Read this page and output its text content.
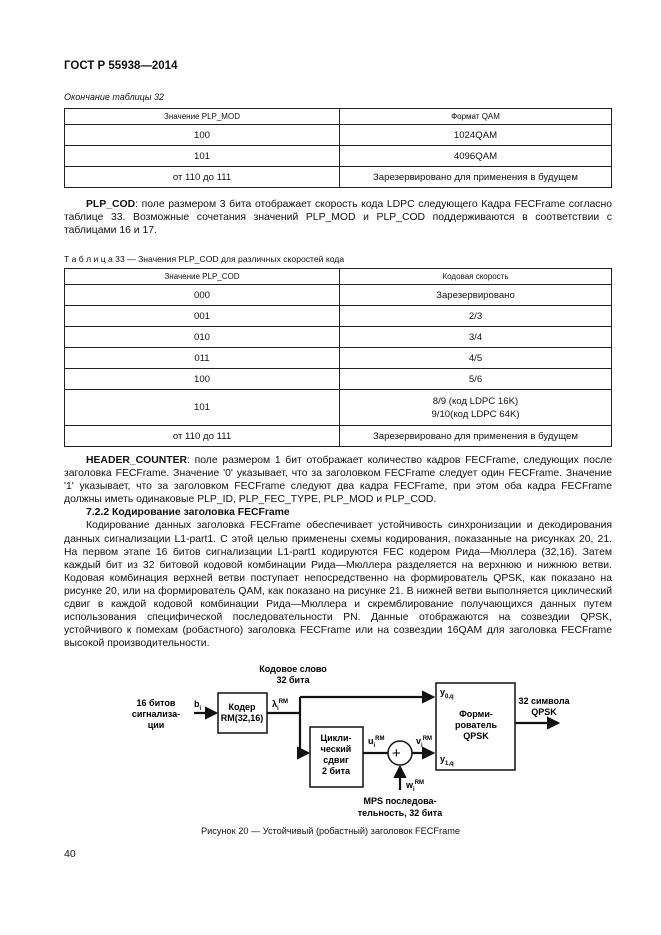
ГОСТ Р 55938—2014
Окончание таблицы 32
Значение PLP_MOD	Формат QAM
100	1024QAM
101	4096QAM
от 110 до 111	Зарезервировано для применения в будущем

PLP_COD: поле размером 3 бита отображает скорость кода LDPC следующего Кадра FECFrame согласно таблице 33. Возможные сочетания значений PLP_MOD и PLP_COD поддерживаются в соответствии с таблицами 16 и 17.

Т а б л и ц а 33 — Значения PLP_COD для различных скоростей кода
Значение PLP_COD	Кодовая скорость
000	Зарезервировано
001	2/3
010	3/4
011	4/5
100	5/6
101	8/9 (код LDPC 16K)
9/10(код LDPC 64K)

от 110 до 111	Зарезервировано для применения в будущем

HEADER_COUNTER: поле размером 1 бит отображает количество кадров FECFrame, следующих после заголовка FECFrame. Значение '0' указывает, что за заголовком FECFrame следует один FECFrame. Значение '1' указывает, что за заголовком FECFrame следуют два кадра FECFrame, при этом оба кадра FECFrame должны иметь одинаковые PLP_ID, PLP_FEC_TYPE, PLP_MOD и PLP_COD.

7.2.2 Кодирование заголовка FECFrame

Кодирование данных заголовка FECFrame обеспечивает устойчивость синхронизации и декодирования данных сигнализации L1-part1. С этой целью применены схемы кодирования, показанные на рисунках 20, 21. На первом этапе 16 битов сигнализации L1-part1 кодируются FEC кодером Рида—Мюллера (32,16). Затем каждый бит из 32 битовой кодовой комбинации Рида—Мюллера разделяется на верхнюю и нижнюю ветви. Кодовая комбинация верхней ветви поступает непосредственно на формирователь QPSK, как показано на рисунке 20, или на формирователь QAM, как показано на рисунке 21. В нижней ветви выполняется циклический сдвиг в каждой кодовой комбинации Рида—Мюллера и скремблирование получающихся данных путем использования специфической последовательности PN. Данные отображаются на созвездии QPSK, устойчивого к помехам (робастного) заголовка FECFrame или на созвездии 16QAM для заголовка FECFrame высокой производительности.

+
Кодовое слово
32 бита
16 битов
сигнализа-
ции
$b_i$	Кодер
RM(32,16)
$\lambda_i^{RM}$
Цикли-
ческий
сдвиг
2 бита
$u_i^{RM}$	$v_i^{RM}$
$w_i^{RM}$
$y_{0,q}$
$y_{1,q}$
Форми-
рователь
QPSK
32 символа
QPSK
МPS последова-
тельность, 32 бита
Рисунок 20 — Устойчивый (робастный) заголовок FECFrame
40
